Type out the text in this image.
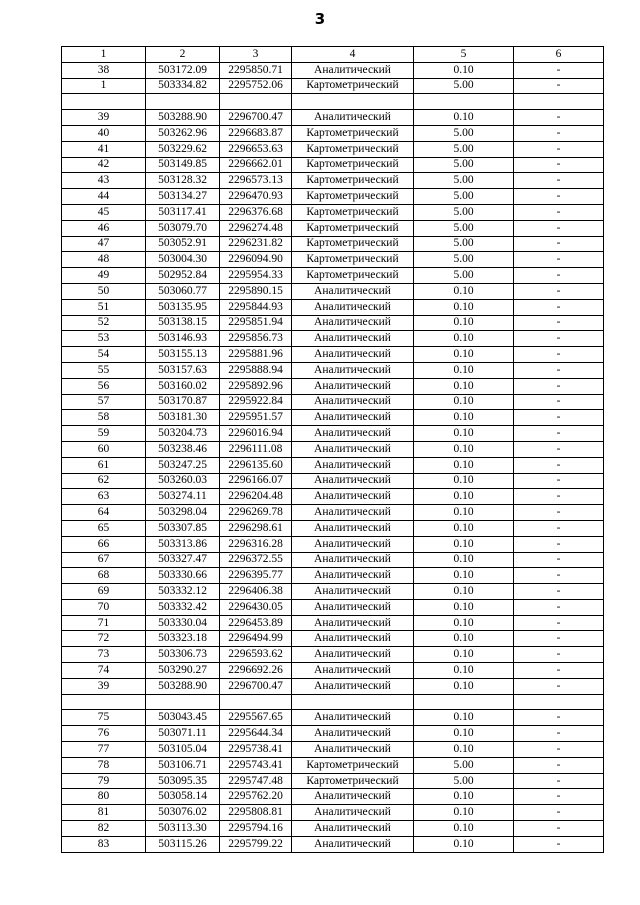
3
1	2	3	4	5	6
38	503172.09	2295850.71	Аналитический	0.10	-
1	503334.82	2295752.06	Картометрический	5.00	-

39	503288.90	2296700.47	Аналитический	0.10	-
40	503262.96	2296683.87	Картометрический	5.00	-
41	503229.62	2296653.63	Картометрический	5.00	-
42	503149.85	2296662.01	Картометрический	5.00	-
43	503128.32	2296573.13	Картометрический	5.00	-
44	503134.27	2296470.93	Картометрический	5.00	-
45	503117.41	2296376.68	Картометрический	5.00	-
46	503079.70	2296274.48	Картометрический	5.00	-
47	503052.91	2296231.82	Картометрический	5.00	-
48	503004.30	2296094.90	Картометрический	5.00	-
49	502952.84	2295954.33	Картометрический	5.00	-
50	503060.77	2295890.15	Аналитический	0.10	-
51	503135.95	2295844.93	Аналитический	0.10	-
52	503138.15	2295851.94	Аналитический	0.10	-
53	503146.93	2295856.73	Аналитический	0.10	-
54	503155.13	2295881.96	Аналитический	0.10	-
55	503157.63	2295888.94	Аналитический	0.10	-
56	503160.02	2295892.96	Аналитический	0.10	-
57	503170.87	2295922.84	Аналитический	0.10	-
58	503181.30	2295951.57	Аналитический	0.10	-
59	503204.73	2296016.94	Аналитический	0.10	-
60	503238.46	2296111.08	Аналитический	0.10	-
61	503247.25	2296135.60	Аналитический	0.10	-
62	503260.03	2296166.07	Аналитический	0.10	-
63	503274.11	2296204.48	Аналитический	0.10	-
64	503298.04	2296269.78	Аналитический	0.10	-
65	503307.85	2296298.61	Аналитический	0.10	-
66	503313.86	2296316.28	Аналитический	0.10	-
67	503327.47	2296372.55	Аналитический	0.10	-
68	503330.66	2296395.77	Аналитический	0.10	-
69	503332.12	2296406.38	Аналитический	0.10	-
70	503332.42	2296430.05	Аналитический	0.10	-
71	503330.04	2296453.89	Аналитический	0.10	-
72	503323.18	2296494.99	Аналитический	0.10	-
73	503306.73	2296593.62	Аналитический	0.10	-
74	503290.27	2296692.26	Аналитический	0.10	-
39	503288.90	2296700.47	Аналитический	0.10	-

75	503043.45	2295567.65	Аналитический	0.10	-
76	503071.11	2295644.34	Аналитический	0.10	-
77	503105.04	2295738.41	Аналитический	0.10	-
78	503106.71	2295743.41	Картометрический	5.00	-
79	503095.35	2295747.48	Картометрический	5.00	-
80	503058.14	2295762.20	Аналитический	0.10	-
81	503076.02	2295808.81	Аналитический	0.10	-
82	503113.30	2295794.16	Аналитический	0.10	-
83	503115.26	2295799.22	Аналитический	0.10	-
